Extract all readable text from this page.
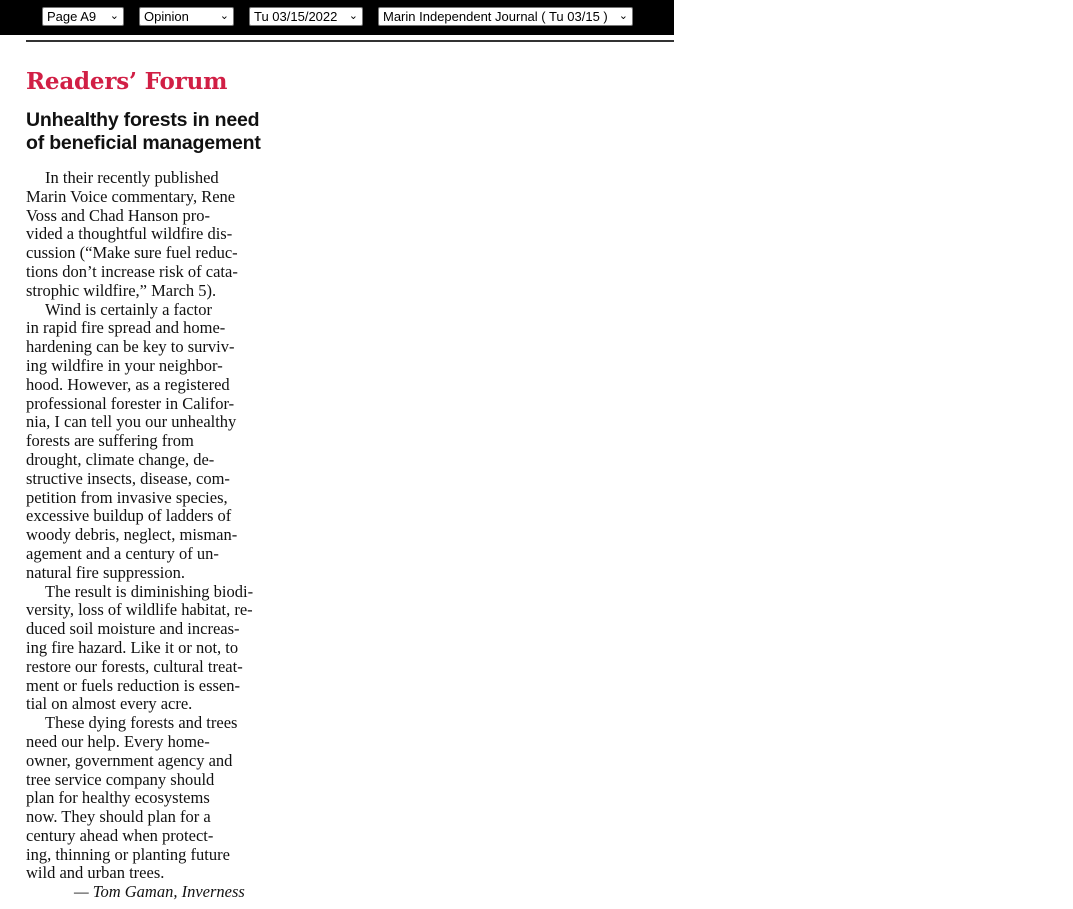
Page A9 ⌄	Opinion	⌄	Tu 03/15/2022 ⌄	Marin Independent Journal ( Tu 03/15 ) ⌄
Readers’ Forum
Unhealthy forests in need
of beneficial management
In their recently published
Marin Voice commentary, Rene
Voss and Chad Hanson pro-
vided a thoughtful wildfire dis-
cussion (“Make sure fuel reduc-
tions don’t increase risk of cata-
strophic wildfire,” March 5).
Wind is certainly a factor
in rapid fire spread and home-
hardening can be key to surviv-
ing wildfire in your neighbor-
hood. However, as a registered
professional forester in Califor-
nia, I can tell you our unhealthy
forests are suffering from
drought, climate change, de-
structive insects, disease, com-
petition from invasive species,
excessive buildup of ladders of
woody debris, neglect, misman-
agement and a century of un-
natural fire suppression.
The result is diminishing biodi-
versity, loss of wildlife habitat, re-
duced soil moisture and increas-
ing fire hazard. Like it or not, to
restore our forests, cultural treat-
ment or fuels reduction is essen-
tial on almost every acre.
These dying forests and trees
need our help. Every home-
owner, government agency and
tree service company should
plan for healthy ecosystems
now. They should plan for a
century ahead when protect-
ing, thinning or planting future
wild and urban trees.
— Tom Gaman, Inverness
